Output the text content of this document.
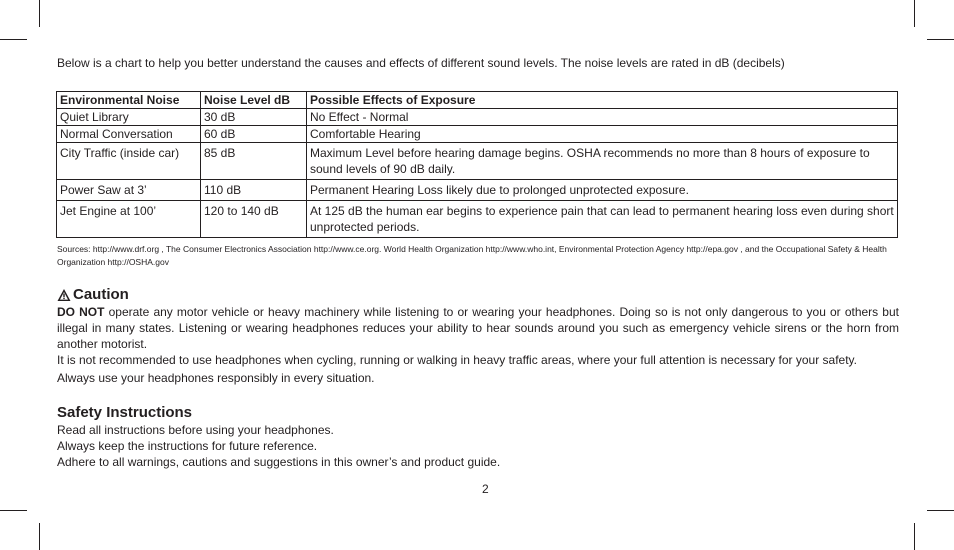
Below is a chart to help you better understand the causes and effects of different sound levels. The noise levels are rated in dB (decibels)
Environmental Noise	Noise Level dB	Possible Effects of Exposure
Quiet Library	30 dB	No Effect - Normal
Normal Conversation	60 dB	Comfortable Hearing
City Traffic (inside car)	85 dB	Maximum Level before hearing damage begins. OSHA recommends no more than 8 hours of exposure to sound levels of 90 dB daily.
Power Saw at 3’	110 dB	Permanent Hearing Loss likely due to prolonged unprotected exposure.
Jet Engine at 100’	120 to 140 dB	At 125 dB the human ear begins to experience pain that can lead to permanent hearing loss even during short unprotected periods.
Sources: http://www.drf.org , The Consumer Electronics Association http://www.ce.org. World Health Organization http://www.who.int, Environmental Protection Agency http://epa.gov , and the Occupational Safety & Health Organization http://OSHA.gov
Caution

DO NOT operate any motor vehicle or heavy machinery while listening to or wearing your headphones. Doing so is not only dangerous to you or others but illegal in many states. Listening or wearing headphones reduces your ability to hear sounds around you such as emergency vehicle sirens or the horn from another motorist.

It is not recommended to use headphones when cycling, running or walking in heavy traffic areas, where your full attention is necessary for your safety.

Always use your headphones responsibly in every situation.

Safety Instructions
Read all instructions before using your headphones.
Always keep the instructions for future reference.
Adhere to all warnings, cautions and suggestions in this owner’s and product guide.
2
